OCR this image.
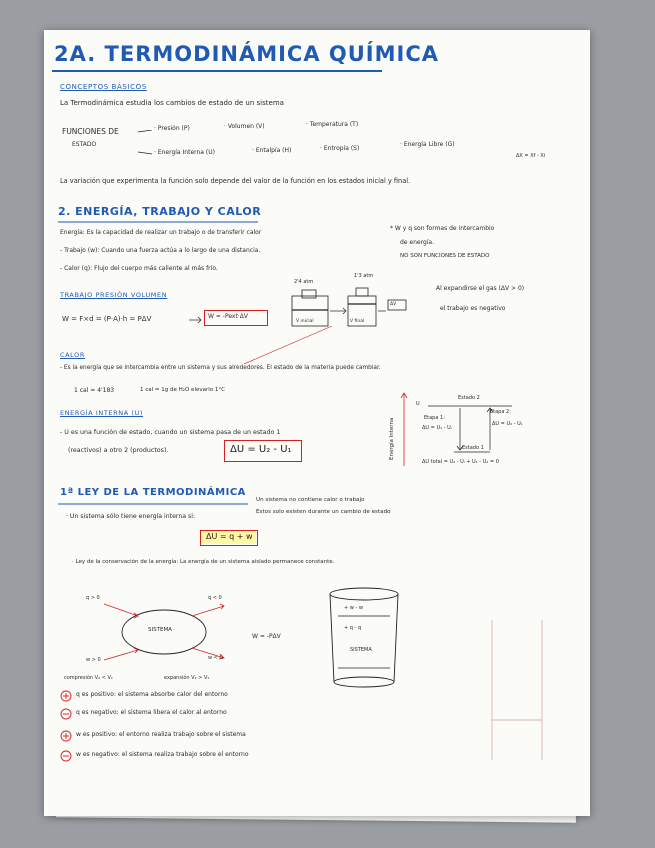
2A. TERMODINÁMICA QUÍMICA
CONCEPTOS BÁSICOS
La Termodinámica estudia los cambios de estado de un sistema
FUNCIONES DE
ESTADO
· Presión (P)	· Volumen (V)	· Temperatura (T)
· Energía Interna (U)	· Entalpía (H)	· Entropía (S)
· Energía Libre (G)
ΔX = Xf - Xi
La variación que experimenta la función solo depende del valor de la función en los estados inicial y final.
2. ENERGÍA, TRABAJO Y CALOR
Energía: Es la capacidad de realizar un trabajo o de transferir calor
- Trabajo (w): Cuando una fuerza actúa a lo largo de una distancia.
- Calor (q): Flujo del cuerpo más caliente al más frío.
* W y q son formas de intercambio
de energía.
NO SON FUNCIONES DE ESTADO
TRABAJO PRESIÓN VOLUMEN
W = F×d = (P·A)·h = PΔV	W = -Pext·ΔV
2'4 atm
1'3 atm
V inicial	V final
ΔV
Al expandirse el gas (ΔV > 0)
el trabajo es negativo
CALOR
- Es la energía que se intercambia entre un sistema y sus alrededores. El estado de la materia puede cambiar.
1 cal = 4'183	1 cal = 1g de H₂O elevarlo 1°C
ENERGÍA INTERNA (U)
- U es una función de estado, cuando un sistema pasa de un estado 1
(reactivos) a otro 2 (productos).	ΔU = U₂ - U₁	Energía Interna
U
Estado 2
Estado 1
Etapa 1:
ΔU = U₁ - Uᵢ
Etapa 2:
ΔU = U₂ - U₁
ΔU total = U₂ - Uᵢ + U₁ - U₂ = 0
1ª LEY DE LA TERMODINÁMICA
· Un sistema sólo tiene energía interna si:
Un sistema no contiene calor o trabajo
Estos solo existen durante un cambio de estado
ΔU = q + w
· Ley de la conservación de la energía: La energía de un sistema aislado permanece constante.
q > 0	q < 0
w > 0	w < 0
SISTEMA
compresión V₂ < V₁	expansión V₂ > V₁
W = -PΔV
+ w - w
+ q - q
SISTEMA
q es positivo: el sistema absorbe calor del entorno
q es negativo: el sistema libera el calor al entorno
w es positivo: el entorno realiza trabajo sobre el sistema
w es negativo: el sistema realiza trabajo sobre el entorno
